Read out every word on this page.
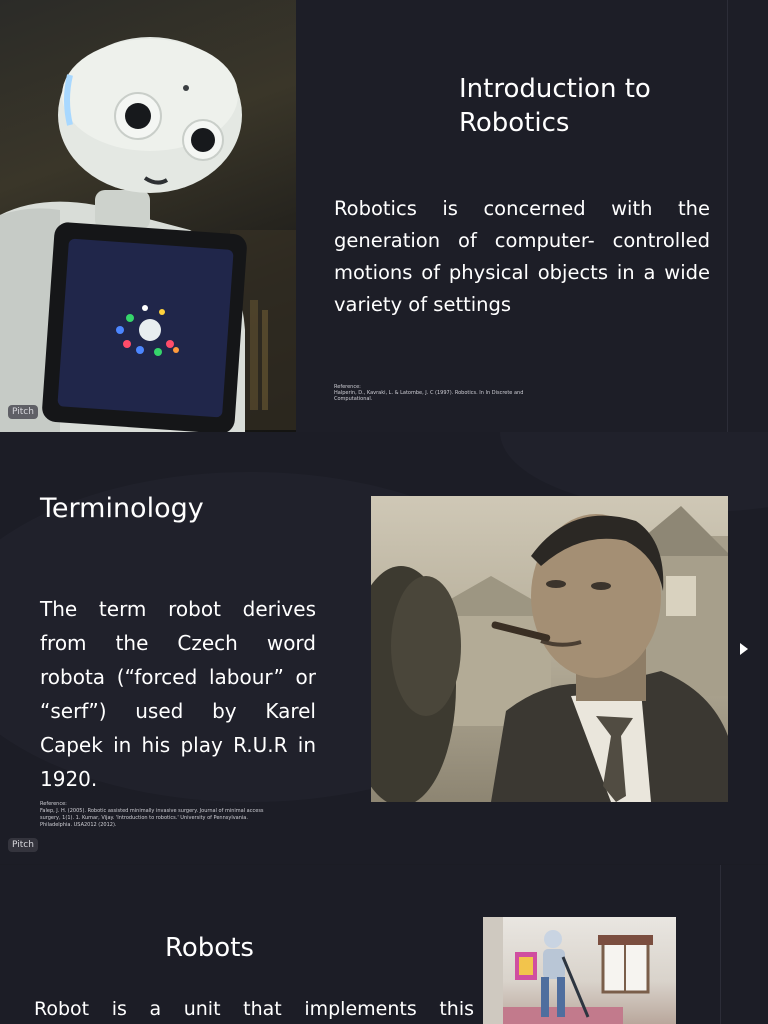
Pitch
Introduction to Robotics

Robotics is concerned with the generation of computer- controlled motions of physical objects in a wide variety of settings

Reference:
Halperin, D., Kavraki, L. & Latombe, J. C (1997). Robotics. In In Discrete and Computational.
Pitch
Terminology

The term robot derives from the Czech word robota (“forced labour” or “serf”) used by Karel Capek in his play R.U.R in 1920.

Reference:
Falep, J. H. (2005). Robotic assisted minimally invasive surgery. Journal of minimal access surgery, 1(1). 1. Kumar, Vijay. 'Introduction to robotics.' University of Pennsylvania. Philadelphia. USA2012 (2012).
Robots

Robot is a unit that implements this
